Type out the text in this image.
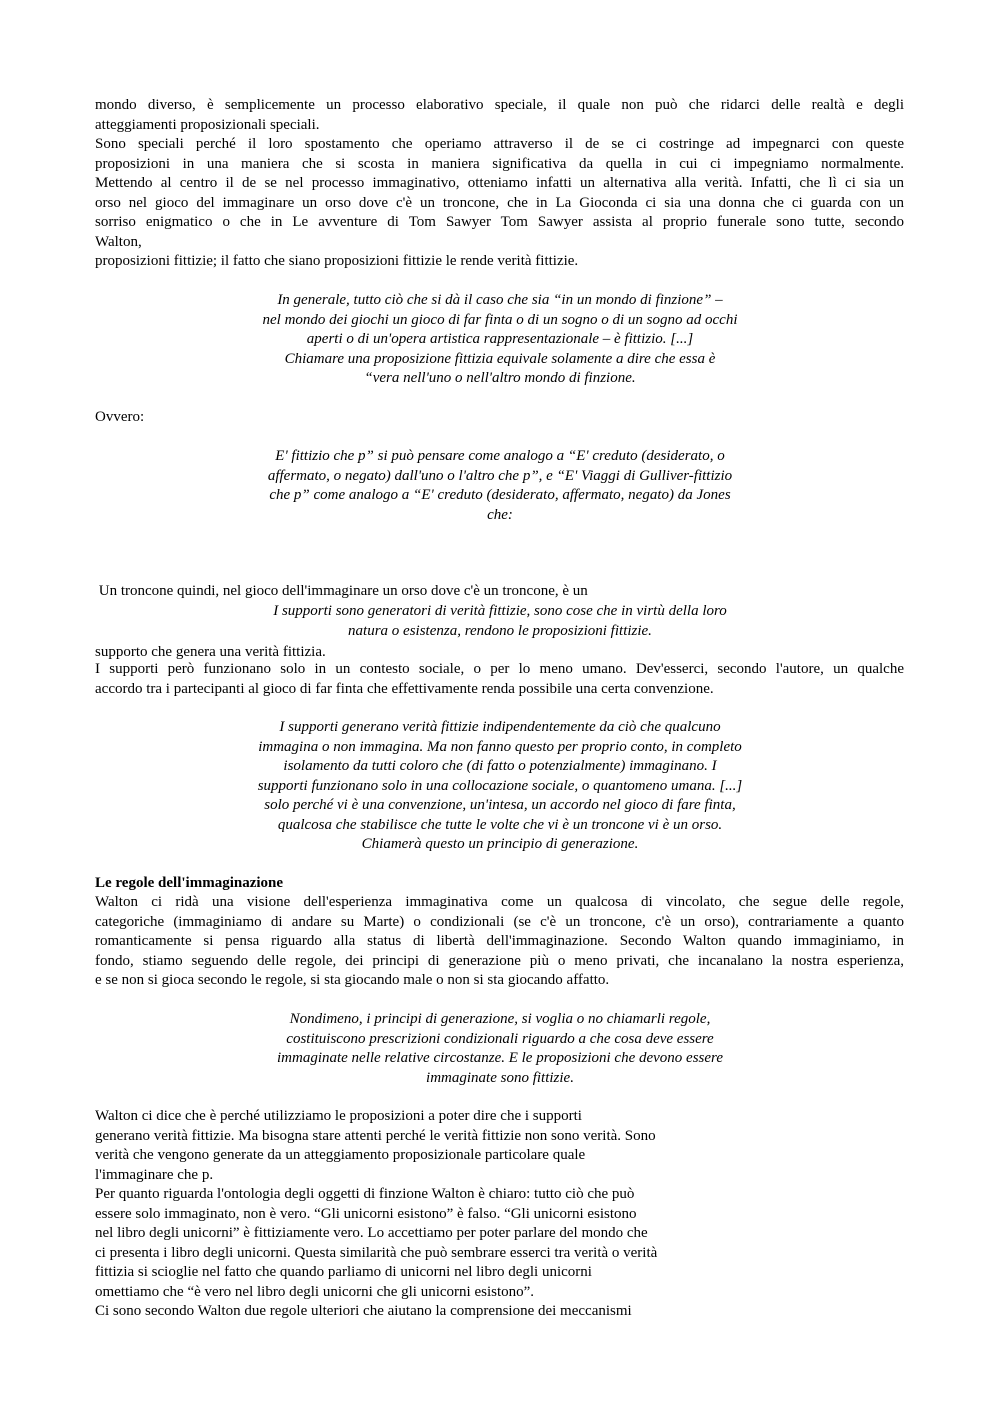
mondo diverso, è semplicemente un processo elaborativo speciale, il quale non può che ridarci delle realtà e degli
atteggiamenti proposizionali speciali.
Sono speciali perché il loro spostamento che operiamo attraverso il de se ci costringe ad impegnarci con queste
proposizioni in una maniera che si scosta in maniera significativa da quella in cui ci impegniamo normalmente.
Mettendo al centro il de se nel processo immaginativo, otteniamo infatti un alternativa alla verità. Infatti, che lì ci sia un
orso nel gioco del immaginare un orso dove c'è un troncone, che in La Gioconda ci sia una donna che ci guarda con un
sorriso enigmatico o che in Le avventure di Tom Sawyer Tom Sawyer assista al proprio funerale sono tutte, secondo
Walton,
proposizioni fittizie; il fatto che siano proposizioni fittizie le rende verità fittizie.
In generale, tutto ciò che si dà il caso che sia “in un mondo di finzione” –
nel mondo dei giochi un gioco di far finta o di un sogno o di un sogno ad occhi
aperti o di un'opera artistica rappresentazionale – è fittizio. [...]
Chiamare una proposizione fittizia equivale solamente a dire che essa è
“vera nell'uno o nell'altro mondo di finzione.
Ovvero:
E' fittizio che p” si può pensare come analogo a “E' creduto (desiderato, o
affermato, o negato) dall'uno o l'altro che p”, e “E' Viaggi di Gulliver-fittizio
che p” come analogo a “E' creduto (desiderato, affermato, negato) da Jones
che:

Un troncone quindi, nel gioco dell'immaginare un orso dove c'è un troncone, è un

supporto che genera una verità fittizia.

I supporti sono generatori di verità fittizie, sono cose che in virtù della loro
natura o esistenza, rendono le proposizioni fittizie.
I supporti però funzionano solo in un contesto sociale, o per lo meno umano. Dev'esserci, secondo l'autore, un qualche
accordo tra i partecipanti al gioco di far finta che effettivamente renda possibile una certa convenzione.
I supporti generano verità fittizie indipendentemente da ciò che qualcuno
immagina o non immagina. Ma non fanno questo per proprio conto, in completo
isolamento da tutti coloro che (di fatto o potenzialmente) immaginano. I
supporti funzionano solo in una collocazione sociale, o quantomeno umana. [...]
solo perché vi è una convenzione, un'intesa, un accordo nel gioco di fare finta,
qualcosa che stabilisce che tutte le volte che vi è un troncone vi è un orso.
Chiamerà questo un principio di generazione.
Le regole dell'immaginazione
Walton ci ridà una visione dell'esperienza immaginativa come un qualcosa di vincolato, che segue delle regole,
categoriche (immaginiamo di andare su Marte) o condizionali (se c'è un troncone, c'è un orso), contrariamente a quanto
romanticamente si pensa riguardo alla status di libertà dell'immaginazione. Secondo Walton quando immaginiamo, in
fondo, stiamo seguendo delle regole, dei principi di generazione più o meno privati, che incanalano la nostra esperienza,
e se non si gioca secondo le regole, si sta giocando male o non si sta giocando affatto.
Nondimeno, i principi di generazione, si voglia o no chiamarli regole,
costituiscono prescrizioni condizionali riguardo a che cosa deve essere
immaginate nelle relative circostanze. E le proposizioni che devono essere
immaginate sono fittizie.
Walton ci dice che è perché utilizziamo le proposizioni a poter dire che i supporti
generano verità fittizie. Ma bisogna stare attenti perché le verità fittizie non sono verità. Sono
verità che vengono generate da un atteggiamento proposizionale particolare quale
l'immaginare che p.
Per quanto riguarda l'ontologia degli oggetti di finzione Walton è chiaro: tutto ciò che può
essere solo immaginato, non è vero. “Gli unicorni esistono” è falso. “Gli unicorni esistono
nel libro degli unicorni” è fittiziamente vero. Lo accettiamo per poter parlare del mondo che
ci presenta i libro degli unicorni. Questa similarità che può sembrare esserci tra verità o verità
fittizia si scioglie nel fatto che quando parliamo di unicorni nel libro degli unicorni
omettiamo che “è vero nel libro degli unicorni che gli unicorni esistono”.
Ci sono secondo Walton due regole ulteriori che aiutano la comprensione dei meccanismi
